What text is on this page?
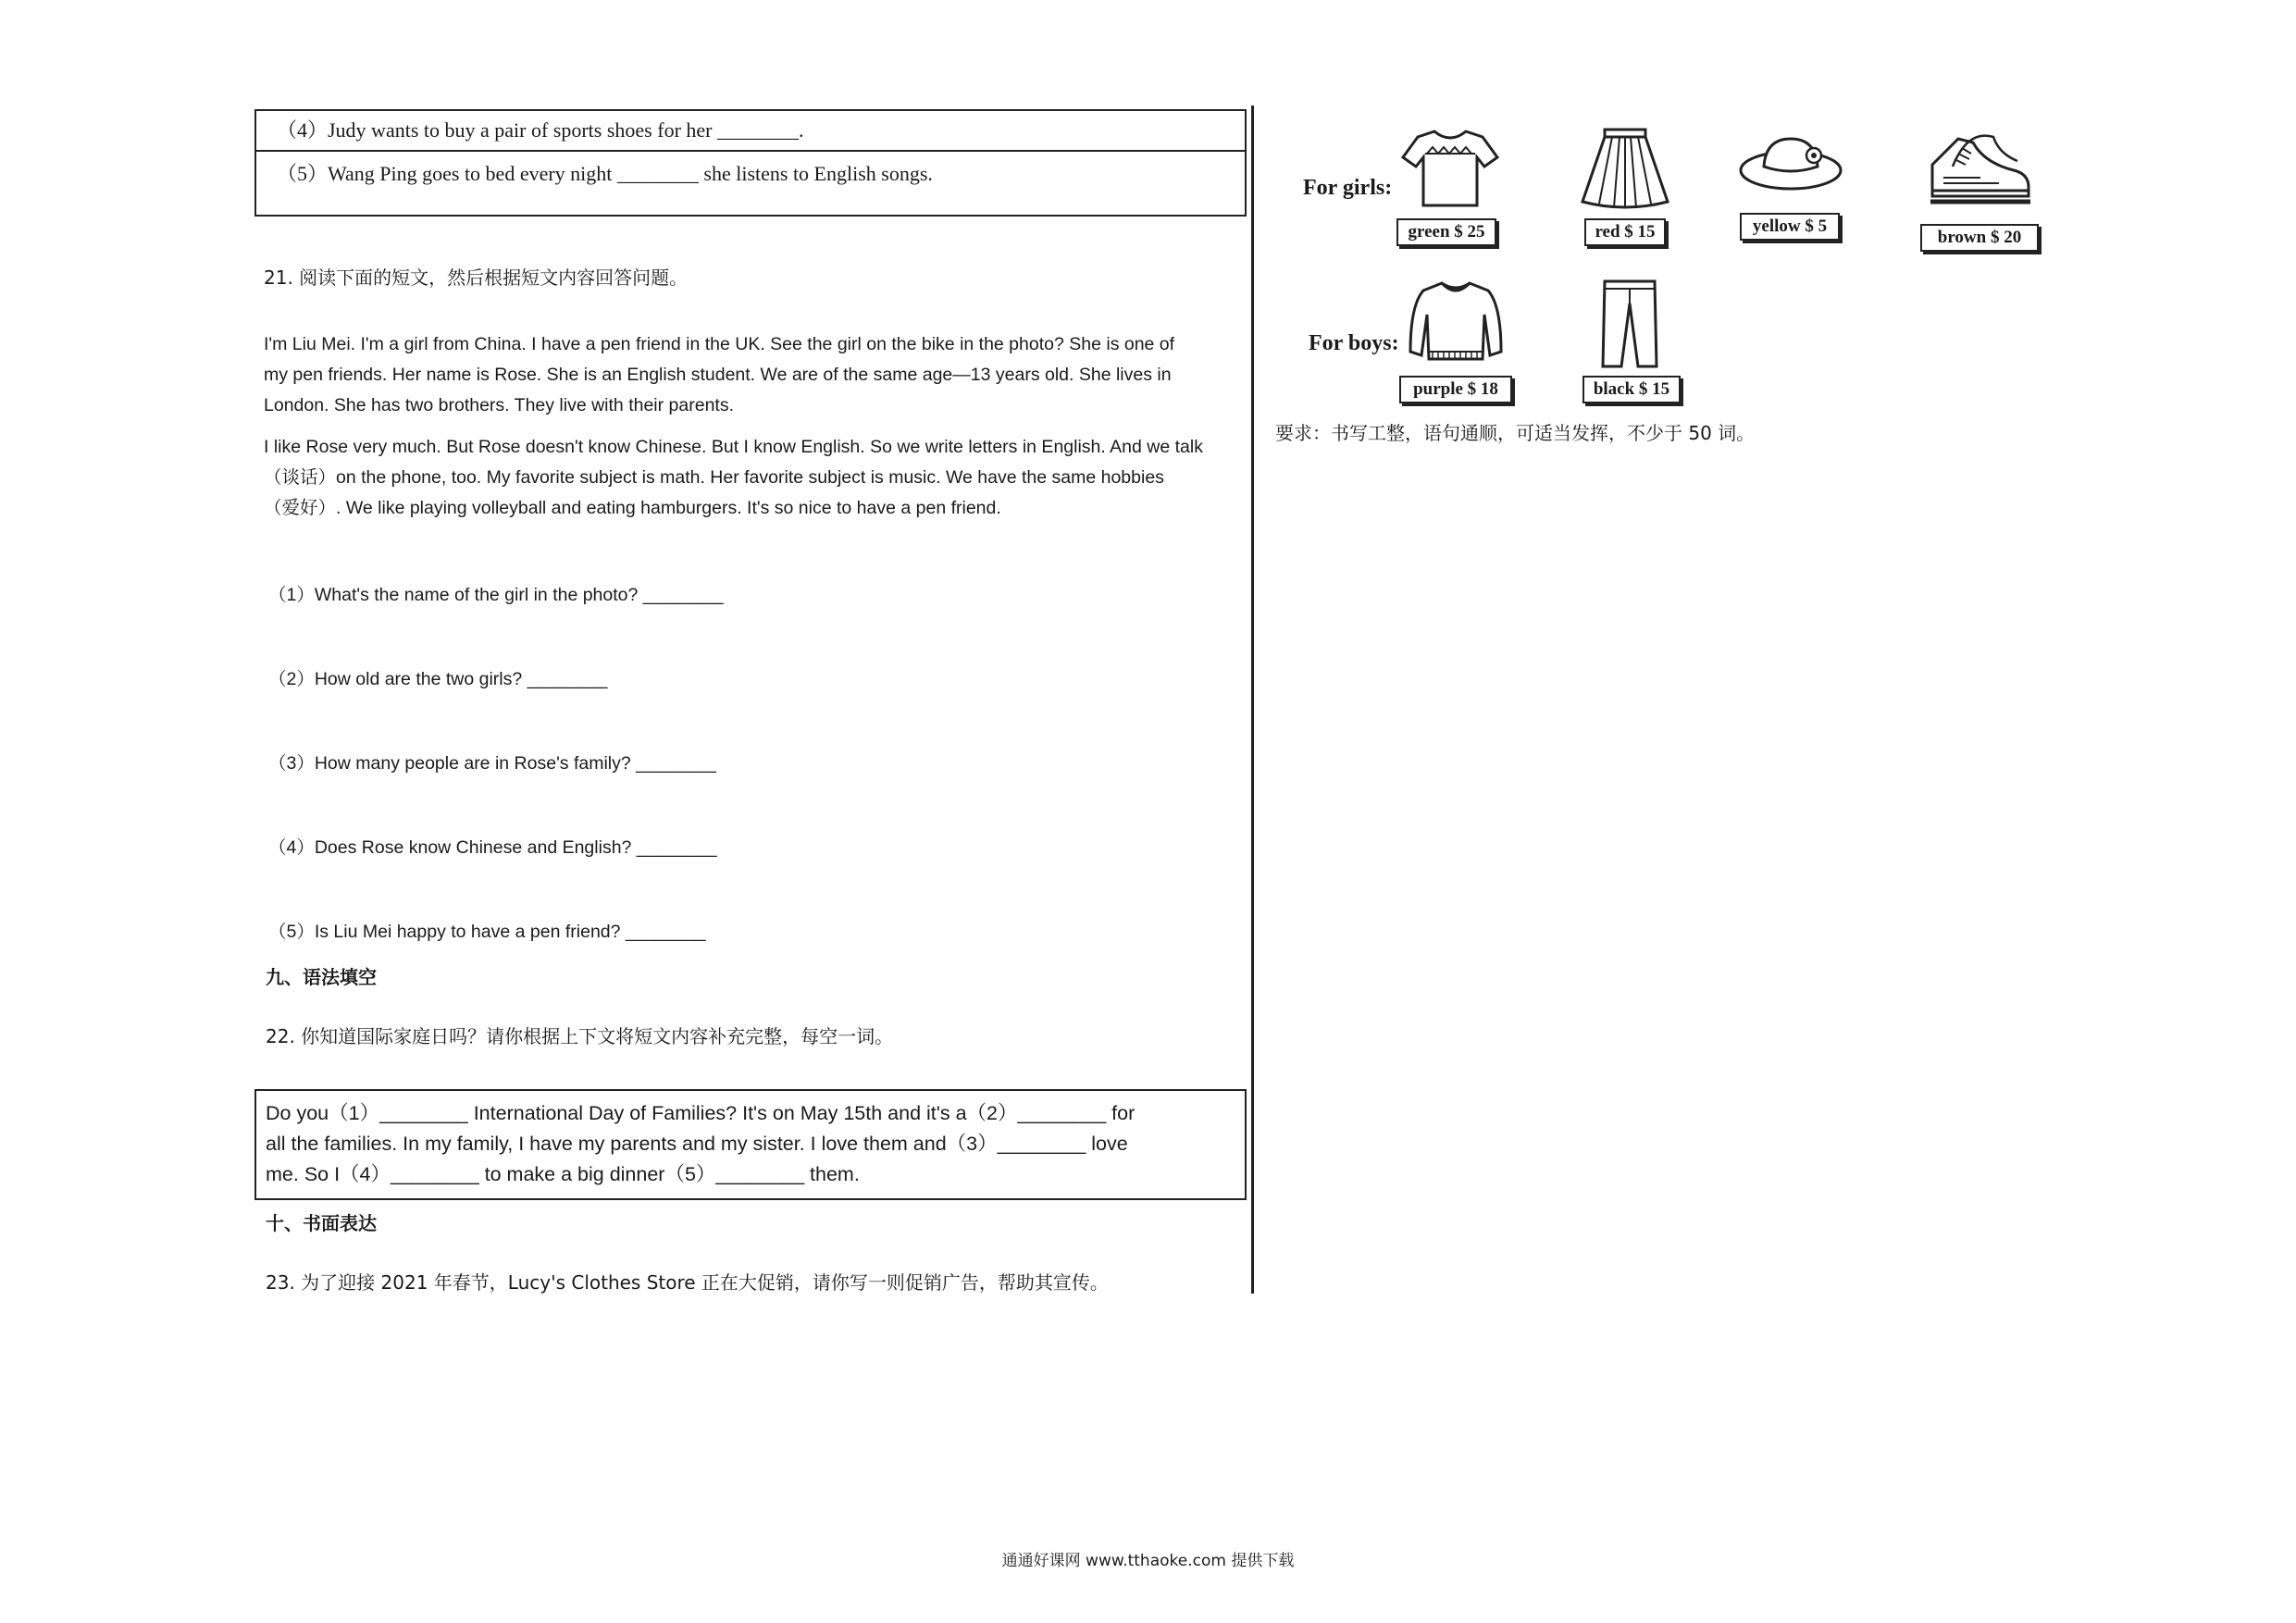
（4）Judy wants to buy a pair of sports shoes for her ________.
（5）Wang Ping goes to bed every night ________ she listens to English songs.
21. 阅读下面的短文，然后根据短文内容回答问题。
I'm Liu Mei. I'm a girl from China. I have a pen friend in the UK. See the girl on the bike in the photo? She is one of
my pen friends. Her name is Rose. She is an English student. We are of the same age—13 years old. She lives in
London. She has two brothers. They live with their parents.
I like Rose very much. But Rose doesn't know Chinese. But I know English. So we write letters in English. And we talk
（谈话）on the phone, too. My favorite subject is math. Her favorite subject is music. We have the same hobbies
（爱好）. We like playing volleyball and eating hamburgers. It's so nice to have a pen friend.
（1）What's the name of the girl in the photo? ________
（2）How old are the two girls? ________
（3）How many people are in Rose's family? ________
（4）Does Rose know Chinese and English? ________
（5）Is Liu Mei happy to have a pen friend? ________
九、语法填空
22. 你知道国际家庭日吗？请你根据上下文将短文内容补充完整，每空一词。
Do you（1）________ International Day of Families? It's on May 15th and it's a（2）________ for
all the families. In my family, I have my parents and my sister. I love them and（3）________ love
me. So I（4）________ to make a big dinner（5）________ them.
十、书面表达
23. 为了迎接 2021 年春节，Lucy's Clothes Store 正在大促销，请你写一则促销广告，帮助其宣传。
For girls:
For boys:
green $ 25	red $ 15	yellow $ 5
brown $ 20
purple $ 18	black $ 15
要求：书写工整，语句通顺，可适当发挥，不少于 50 词。
通通好课网 www.tthaoke.com 提供下载
